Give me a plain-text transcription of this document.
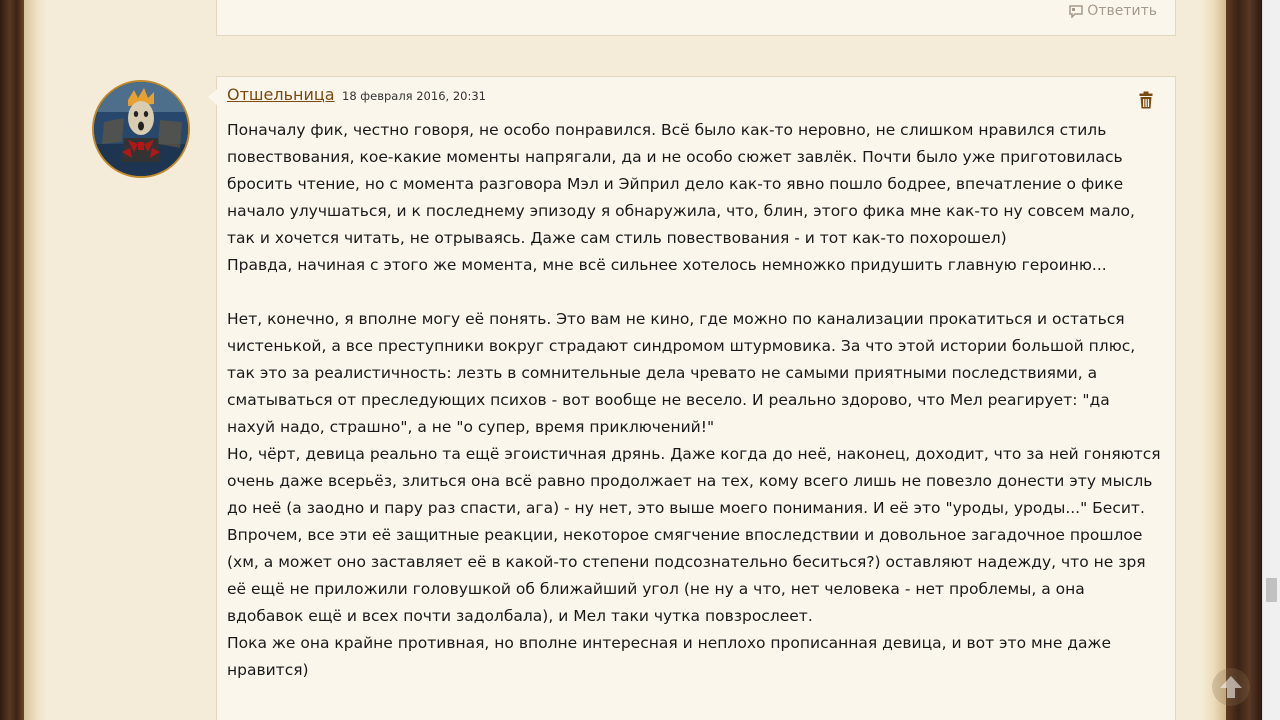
Ответить
Отшельница 18 февраля 2016, 20:31

Поначалу фик, честно говоря, не особо понравился. Всё было как-то неровно, не слишком нравился стиль повествования, кое-какие моменты напрягали, да и не особо сюжет завлёк. Почти было уже приготовилась бросить чтение, но с момента разговора Мэл и Эйприл дело как-то явно пошло бодрее, впечатление о фике начало улучшаться, и к последнему эпизоду я обнаружила, что, блин, этого фика мне как-то ну совсем мало, так и хочется читать, не отрываясь. Даже сам стиль повествования - и тот как-то похорошел)

Правда, начиная с этого же момента, мне всё сильнее хотелось немножко придушить главную героиню...

Нет, конечно, я вполне могу её понять. Это вам не кино, где можно по канализации прокатиться и остаться чистенькой, а все преступники вокруг страдают синдромом штурмовика. За что этой истории большой плюс, так это за реалистичность: лезть в сомнительные дела чревато не самыми приятными последствиями, а сматываться от преследующих психов - вот вообще не весело. И реально здорово, что Мел реагирует: "да нахуй надо, страшно", а не "о супер, время приключений!"

Но, чёрт, девица реально та ещё эгоистичная дрянь. Даже когда до неё, наконец, доходит, что за ней гоняются очень даже всерьёз, злиться она всё равно продолжает на тех, кому всего лишь не повезло донести эту мысль до неё (а заодно и пару раз спасти, ага) - ну нет, это выше моего понимания. И её это "уроды, уроды..." Бесит.

Впрочем, все эти её защитные реакции, некоторое смягчение впоследствии и довольное загадочное прошлое (хм, а может оно заставляет её в какой-то степени подсознательно беситься?) оставляют надежду, что не зря её ещё не приложили головушкой об ближайший угол (не ну а что, нет человека - нет проблемы, а она вдобавок ещё и всех почти задолбала), и Мел таки чутка повзрослеет.

Пока же она крайне противная, но вполне интересная и неплохо прописанная девица, и вот это мне даже нравится)
